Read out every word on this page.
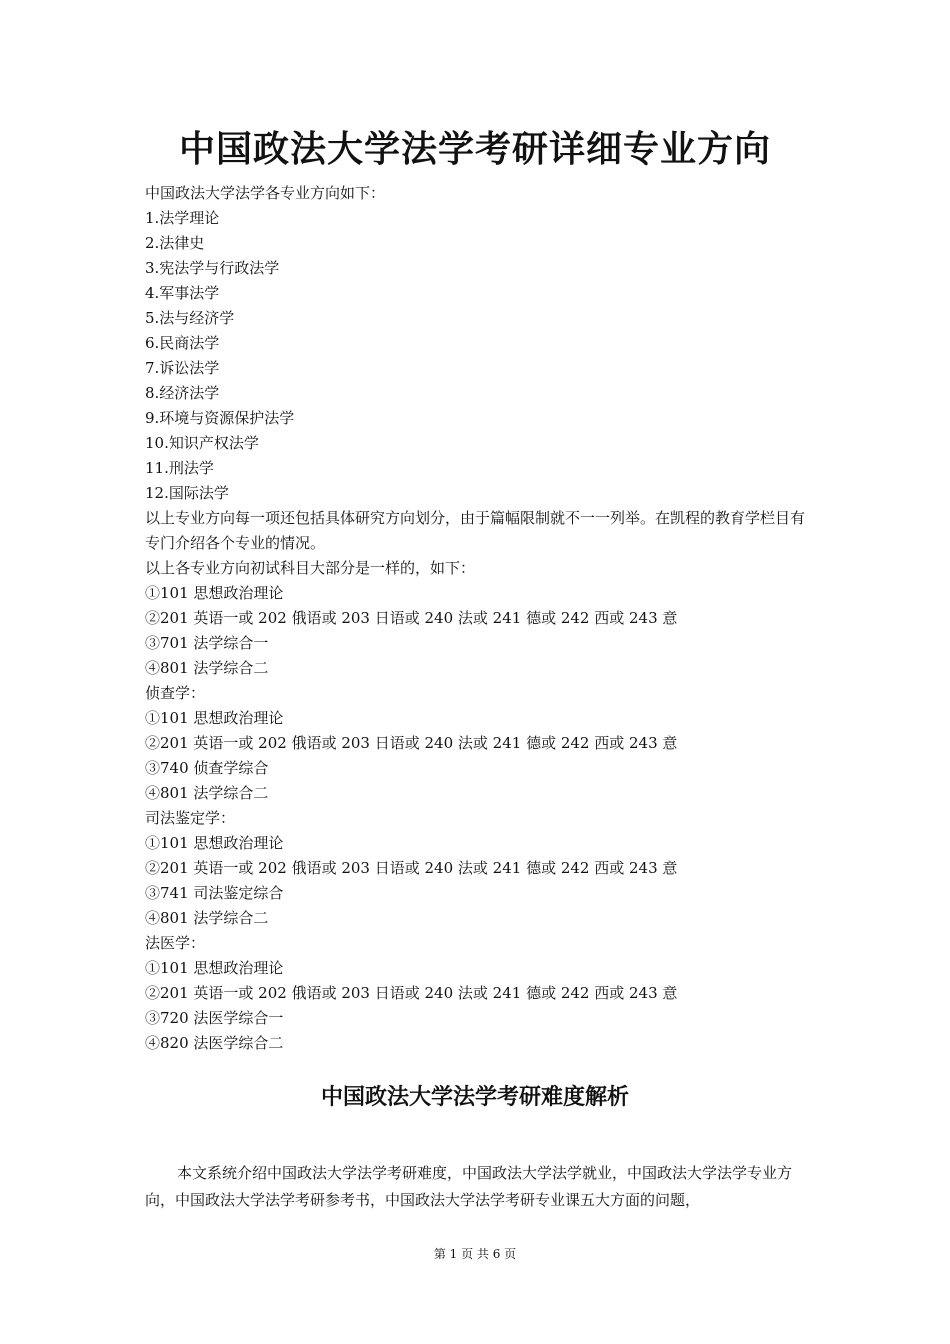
中国政法大学法学考研详细专业方向
中国政法大学法学各专业方向如下：
1.法学理论
2.法律史
3.宪法学与行政法学
4.军事法学
5.法与经济学
6.民商法学
7.诉讼法学
8.经济法学
9.环境与资源保护法学
10.知识产权法学
11.刑法学
12.国际法学
以上专业方向每一项还包括具体研究方向划分，由于篇幅限制就不一一列举。在凯程的教育学栏目有专门介绍各个专业的情况。
以上各专业方向初试科目大部分是一样的，如下：
①101 思想政治理论
②201 英语一或 202 俄语或 203 日语或 240 法或 241 德或 242 西或 243 意
③701 法学综合一
④801 法学综合二
侦查学：
①101 思想政治理论
②201 英语一或 202 俄语或 203 日语或 240 法或 241 德或 242 西或 243 意
③740 侦查学综合
④801 法学综合二
司法鉴定学：
①101 思想政治理论
②201 英语一或 202 俄语或 203 日语或 240 法或 241 德或 242 西或 243 意
③741 司法鉴定综合
④801 法学综合二
法医学：
①101 思想政治理论
②201 英语一或 202 俄语或 203 日语或 240 法或 241 德或 242 西或 243 意
③720 法医学综合一
④820 法医学综合二
中国政法大学法学考研难度解析
本文系统介绍中国政法大学法学考研难度，中国政法大学法学就业，中国政法大学法学专业方向，中国政法大学法学考研参考书，中国政法大学法学考研专业课五大方面的问题，
第 1 页 共 6 页
